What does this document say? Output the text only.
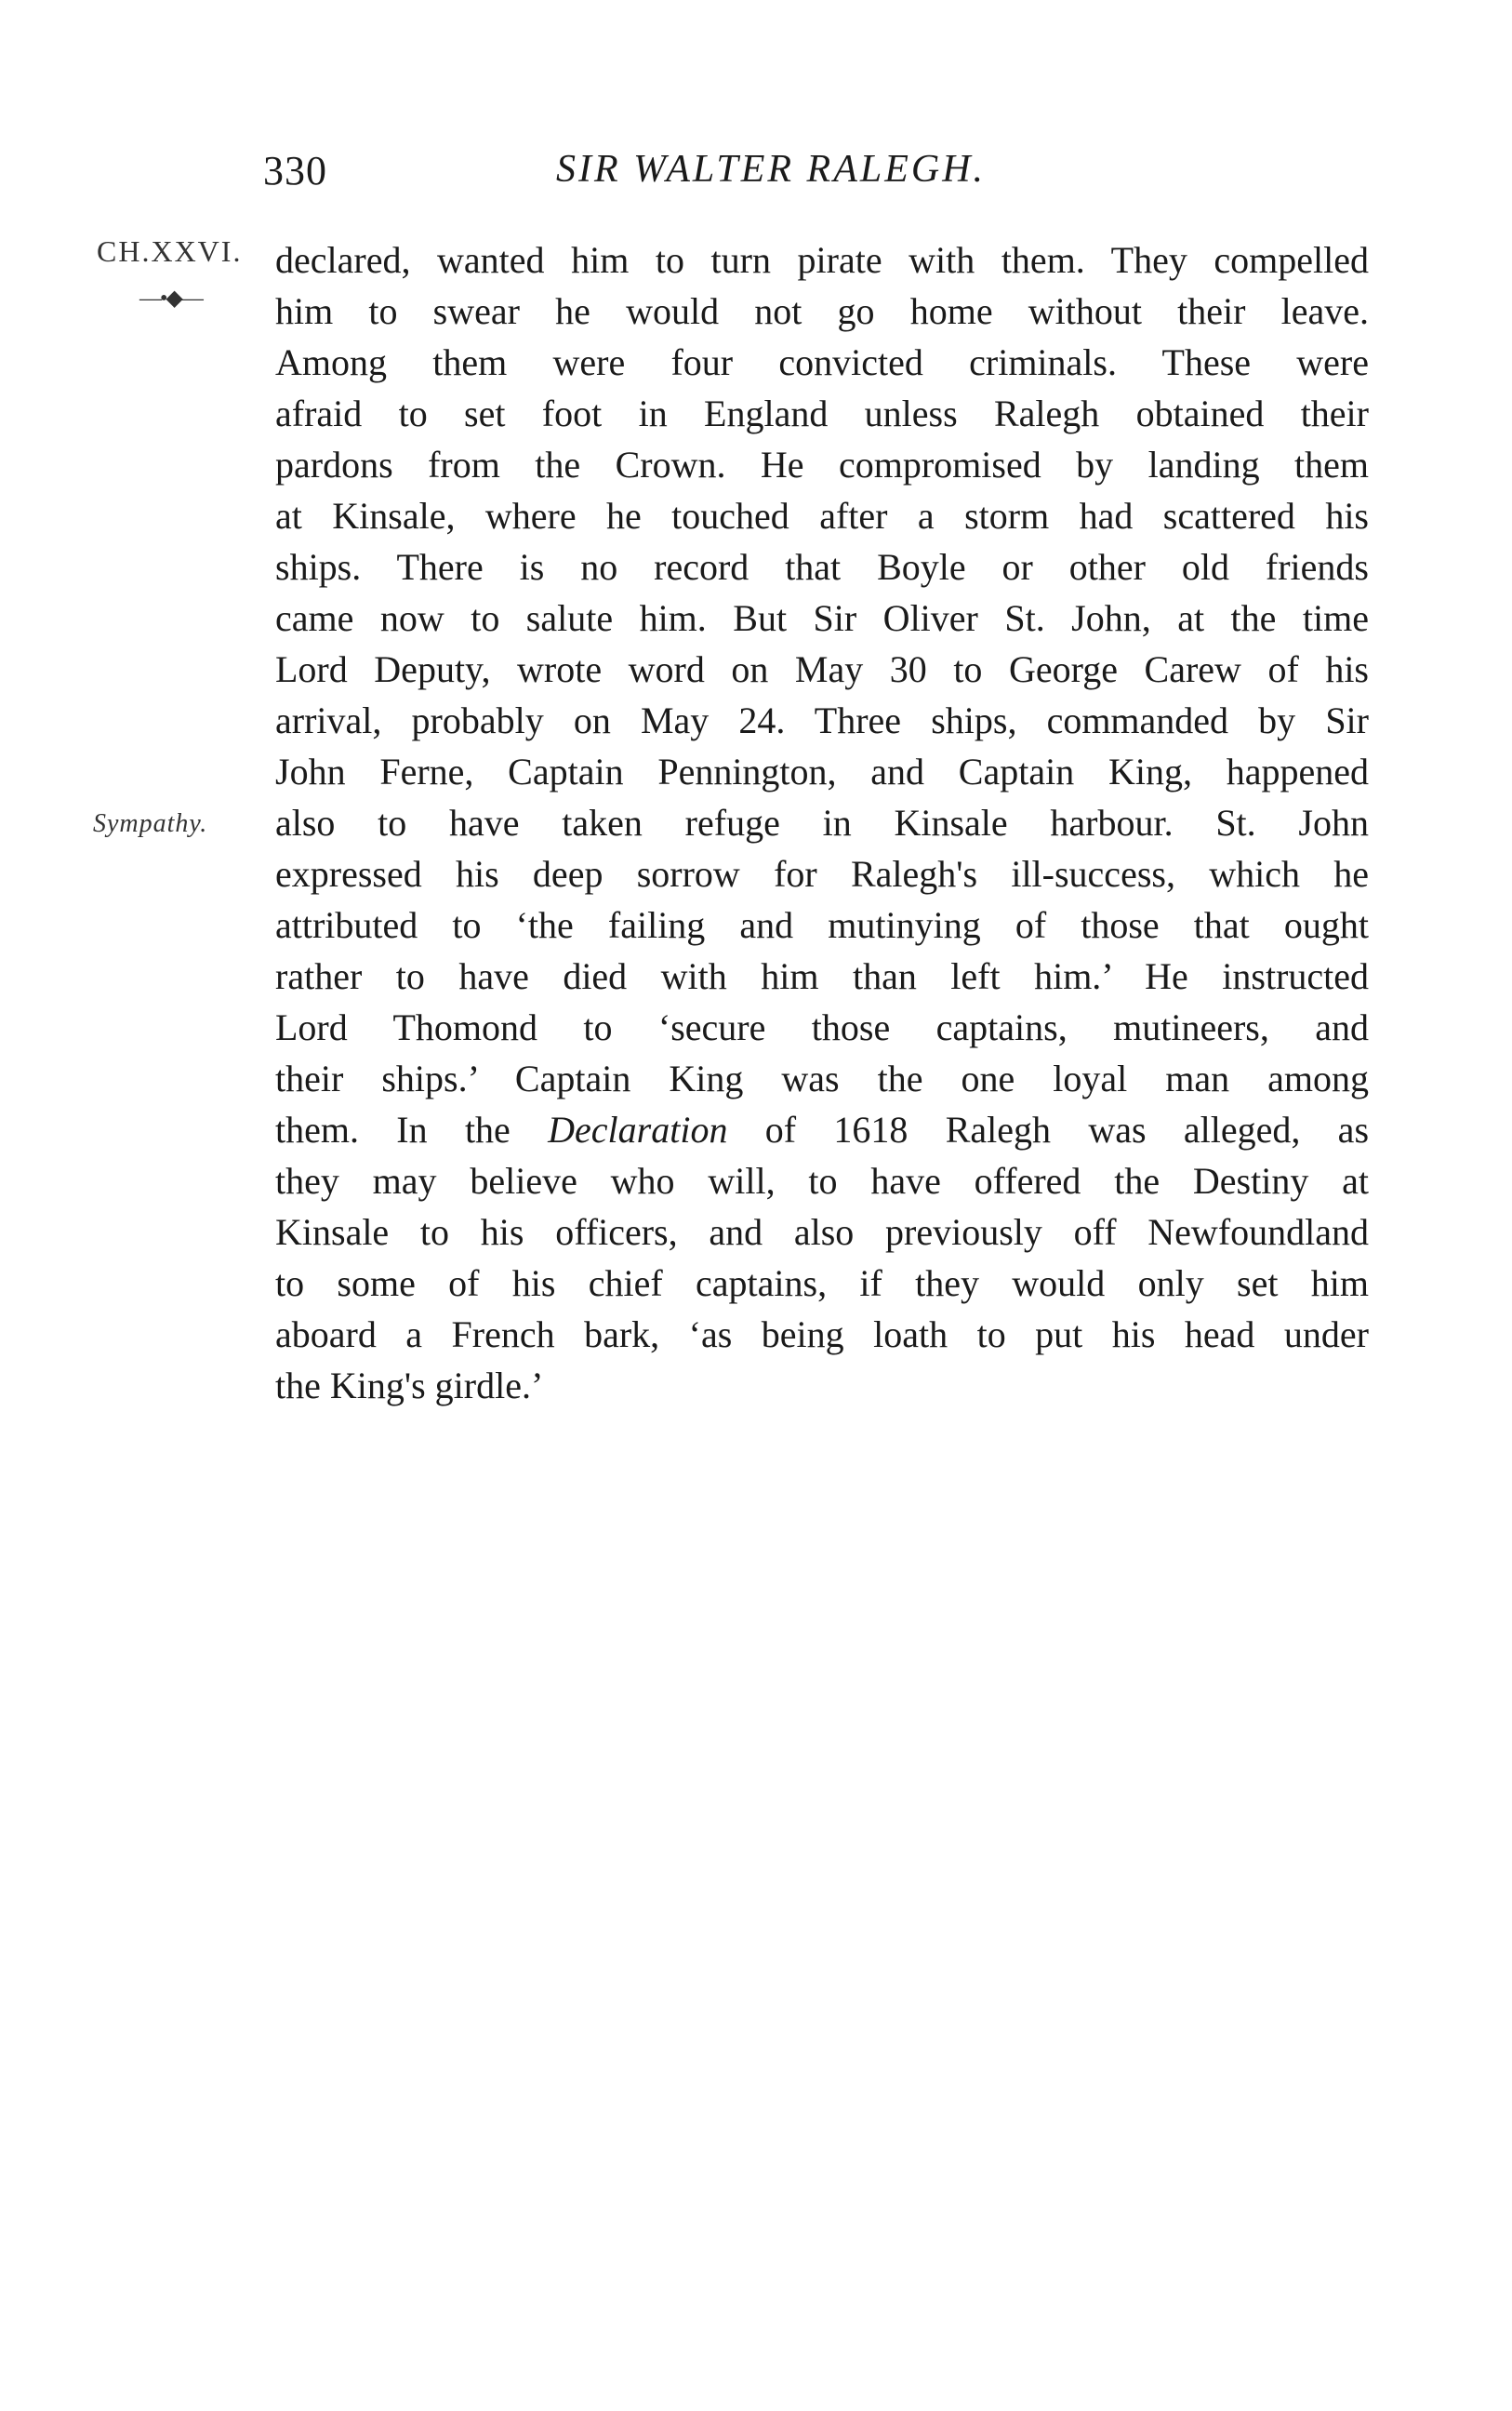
330	SIR WALTER RALEGH.
CH.XXVI.
—•◆—
Sympathy.
declared, wanted him to turn pirate with them. They compelled
him to swear he would not go home without their leave.
Among them were four convicted criminals. These were
afraid to set foot in England unless Ralegh obtained their
pardons from the Crown. He compromised by landing them
at Kinsale, where he touched after a storm had scattered his
ships. There is no record that Boyle or other old friends
came now to salute him. But Sir Oliver St. John, at the time
Lord Deputy, wrote word on May 30 to George Carew of his
arrival, probably on May 24. Three ships, commanded by Sir
John Ferne, Captain Pennington, and Captain King, happened
also to have taken refuge in Kinsale harbour. St. John
expressed his deep sorrow for Ralegh's ill-success, which he
attributed to ‘the failing and mutinying of those that ought
rather to have died with him than left him.’ He instructed
Lord Thomond to ‘secure those captains, mutineers, and
their ships.’ Captain King was the one loyal man among
them. In the Declaration of 1618 Ralegh was alleged, as
they may believe who will, to have offered the Destiny at
Kinsale to his officers, and also previously off Newfoundland
to some of his chief captains, if they would only set him
aboard a French bark, ‘as being loath to put his head under
the King's girdle.’
